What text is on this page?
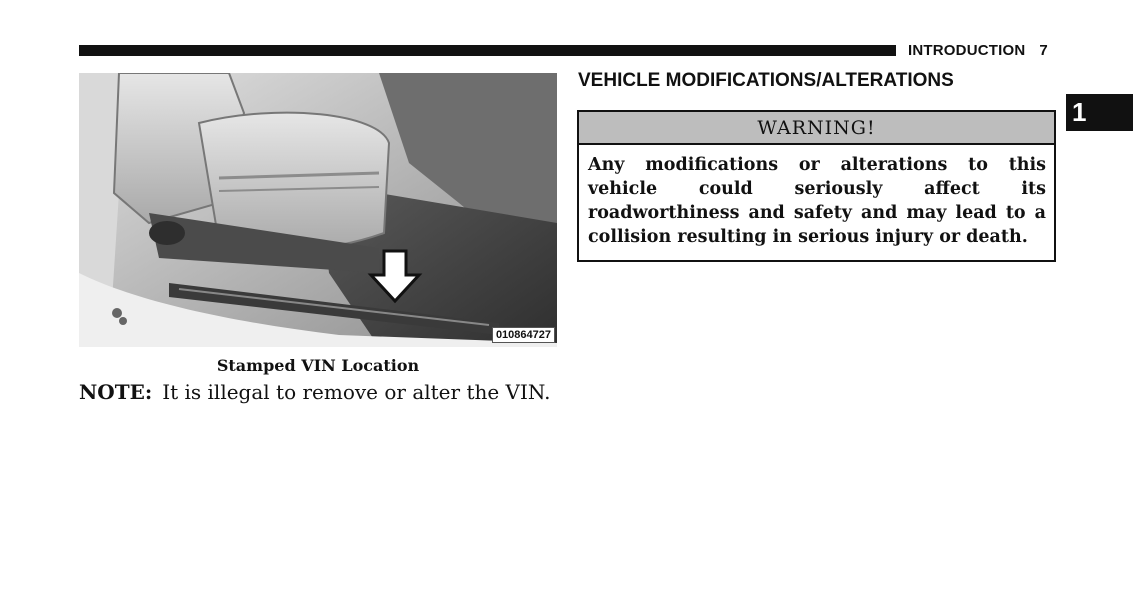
INTRODUCTION 7
1
010864727
Stamped VIN Location
NOTE: It is illegal to remove or alter the VIN.
VEHICLE MODIFICATIONS/ALTERATIONS
WARNING!
Any modifications or alterations to this vehicle could seriously affect its roadworthiness and safety and may lead to a collision resulting in serious injury or death.
